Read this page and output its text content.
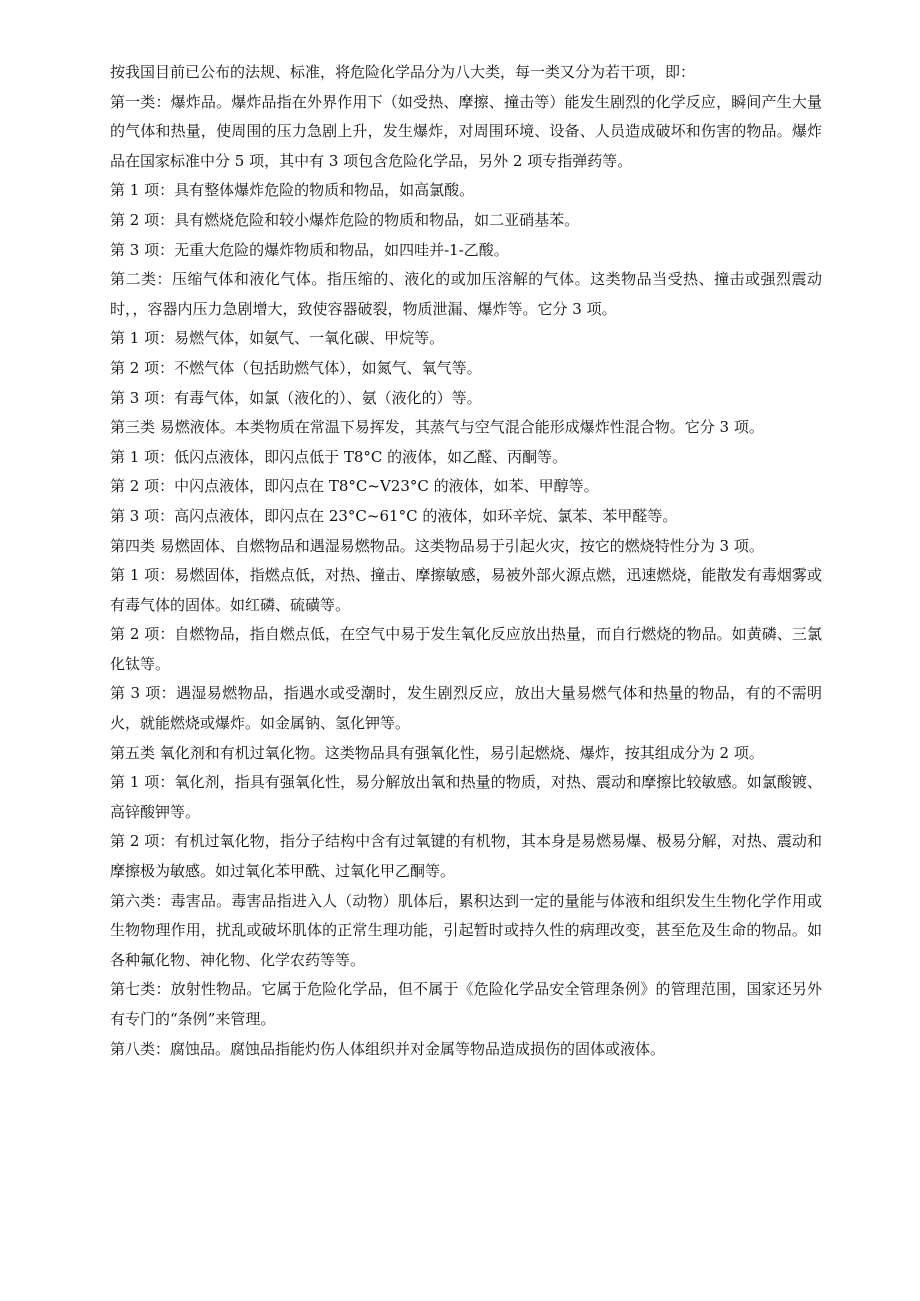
按我国目前已公布的法规、标准，将危险化学品分为八大类，每一类又分为若干项，即：

第一类：爆炸品。爆炸品指在外界作用下（如受热、摩擦、撞击等）能发生剧烈的化学反应，瞬间产生大量的气体和热量，使周围的压力急剧上升，发生爆炸，对周围环境、设备、人员造成破坏和伤害的物品。爆炸品在国家标准中分 5 项，其中有 3 项包含危险化学品，另外 2 项专指弹药等。

第 1 项：具有整体爆炸危险的物质和物品，如高氯酸。

第 2 项：具有燃烧危险和较小爆炸危险的物质和物品，如二亚硝基苯。

第 3 项：无重大危险的爆炸物质和物品，如四哇并-1-乙酸。

第二类：压缩气体和液化气体。指压缩的、液化的或加压溶解的气体。这类物品当受热、撞击或强烈震动时，，容器内压力急剧增大，致使容器破裂，物质泄漏、爆炸等。它分 3 项。

第 1 项：易燃气体，如氨气、一氧化碳、甲烷等。

第 2 项：不燃气体（包括助燃气体），如氮气、氧气等。

第 3 项：有毒气体，如氯（液化的）、氨（液化的）等。

第三类 易燃液体。本类物质在常温下易挥发，其蒸气与空气混合能形成爆炸性混合物。它分 3 项。

第 1 项：低闪点液体，即闪点低于 T8°C 的液体，如乙醛、丙酮等。

第 2 项：中闪点液体，即闪点在 T8°C~V23°C 的液体，如苯、甲醇等。

第 3 项：高闪点液体，即闪点在 23°C~61°C 的液体，如环辛烷、氯苯、苯甲醛等。

第四类 易燃固体、自燃物品和遇湿易燃物品。这类物品易于引起火灾，按它的燃烧特性分为 3 项。

第 1 项：易燃固体，指燃点低，对热、撞击、摩擦敏感，易被外部火源点燃，迅速燃烧，能散发有毒烟雾或有毒气体的固体。如红磷、硫磺等。

第 2 项：自燃物品，指自燃点低，在空气中易于发生氧化反应放出热量，而自行燃烧的物品。如黄磷、三氯化钛等。

第 3 项：遇湿易燃物品，指遇水或受潮时，发生剧烈反应，放出大量易燃气体和热量的物品，有的不需明火，就能燃烧或爆炸。如金属钠、氢化钾等。

第五类 氧化剂和有机过氧化物。这类物品具有强氧化性，易引起燃烧、爆炸，按其组成分为 2 项。

第 1 项：氧化剂，指具有强氧化性，易分解放出氧和热量的物质，对热、震动和摩擦比较敏感。如氯酸镀、高锌酸钾等。

第 2 项：有机过氧化物，指分子结构中含有过氧键的有机物，其本身是易燃易爆、极易分解，对热、震动和摩擦极为敏感。如过氧化苯甲酰、过氧化甲乙酮等。

第六类：毒害品。毒害品指进入人（动物）肌体后，累积达到一定的量能与体液和组织发生生物化学作用或生物物理作用，扰乱或破坏肌体的正常生理功能，引起暂时或持久性的病理改变，甚至危及生命的物品。如各种氟化物、神化物、化学农药等等。

第七类：放射性物品。它属于危险化学品，但不属于《危险化学品安全管理条例》的管理范围，国家还另外有专门的“条例”来管理。

第八类：腐蚀品。腐蚀品指能灼伤人体组织并对金属等物品造成损伤的固体或液体。
